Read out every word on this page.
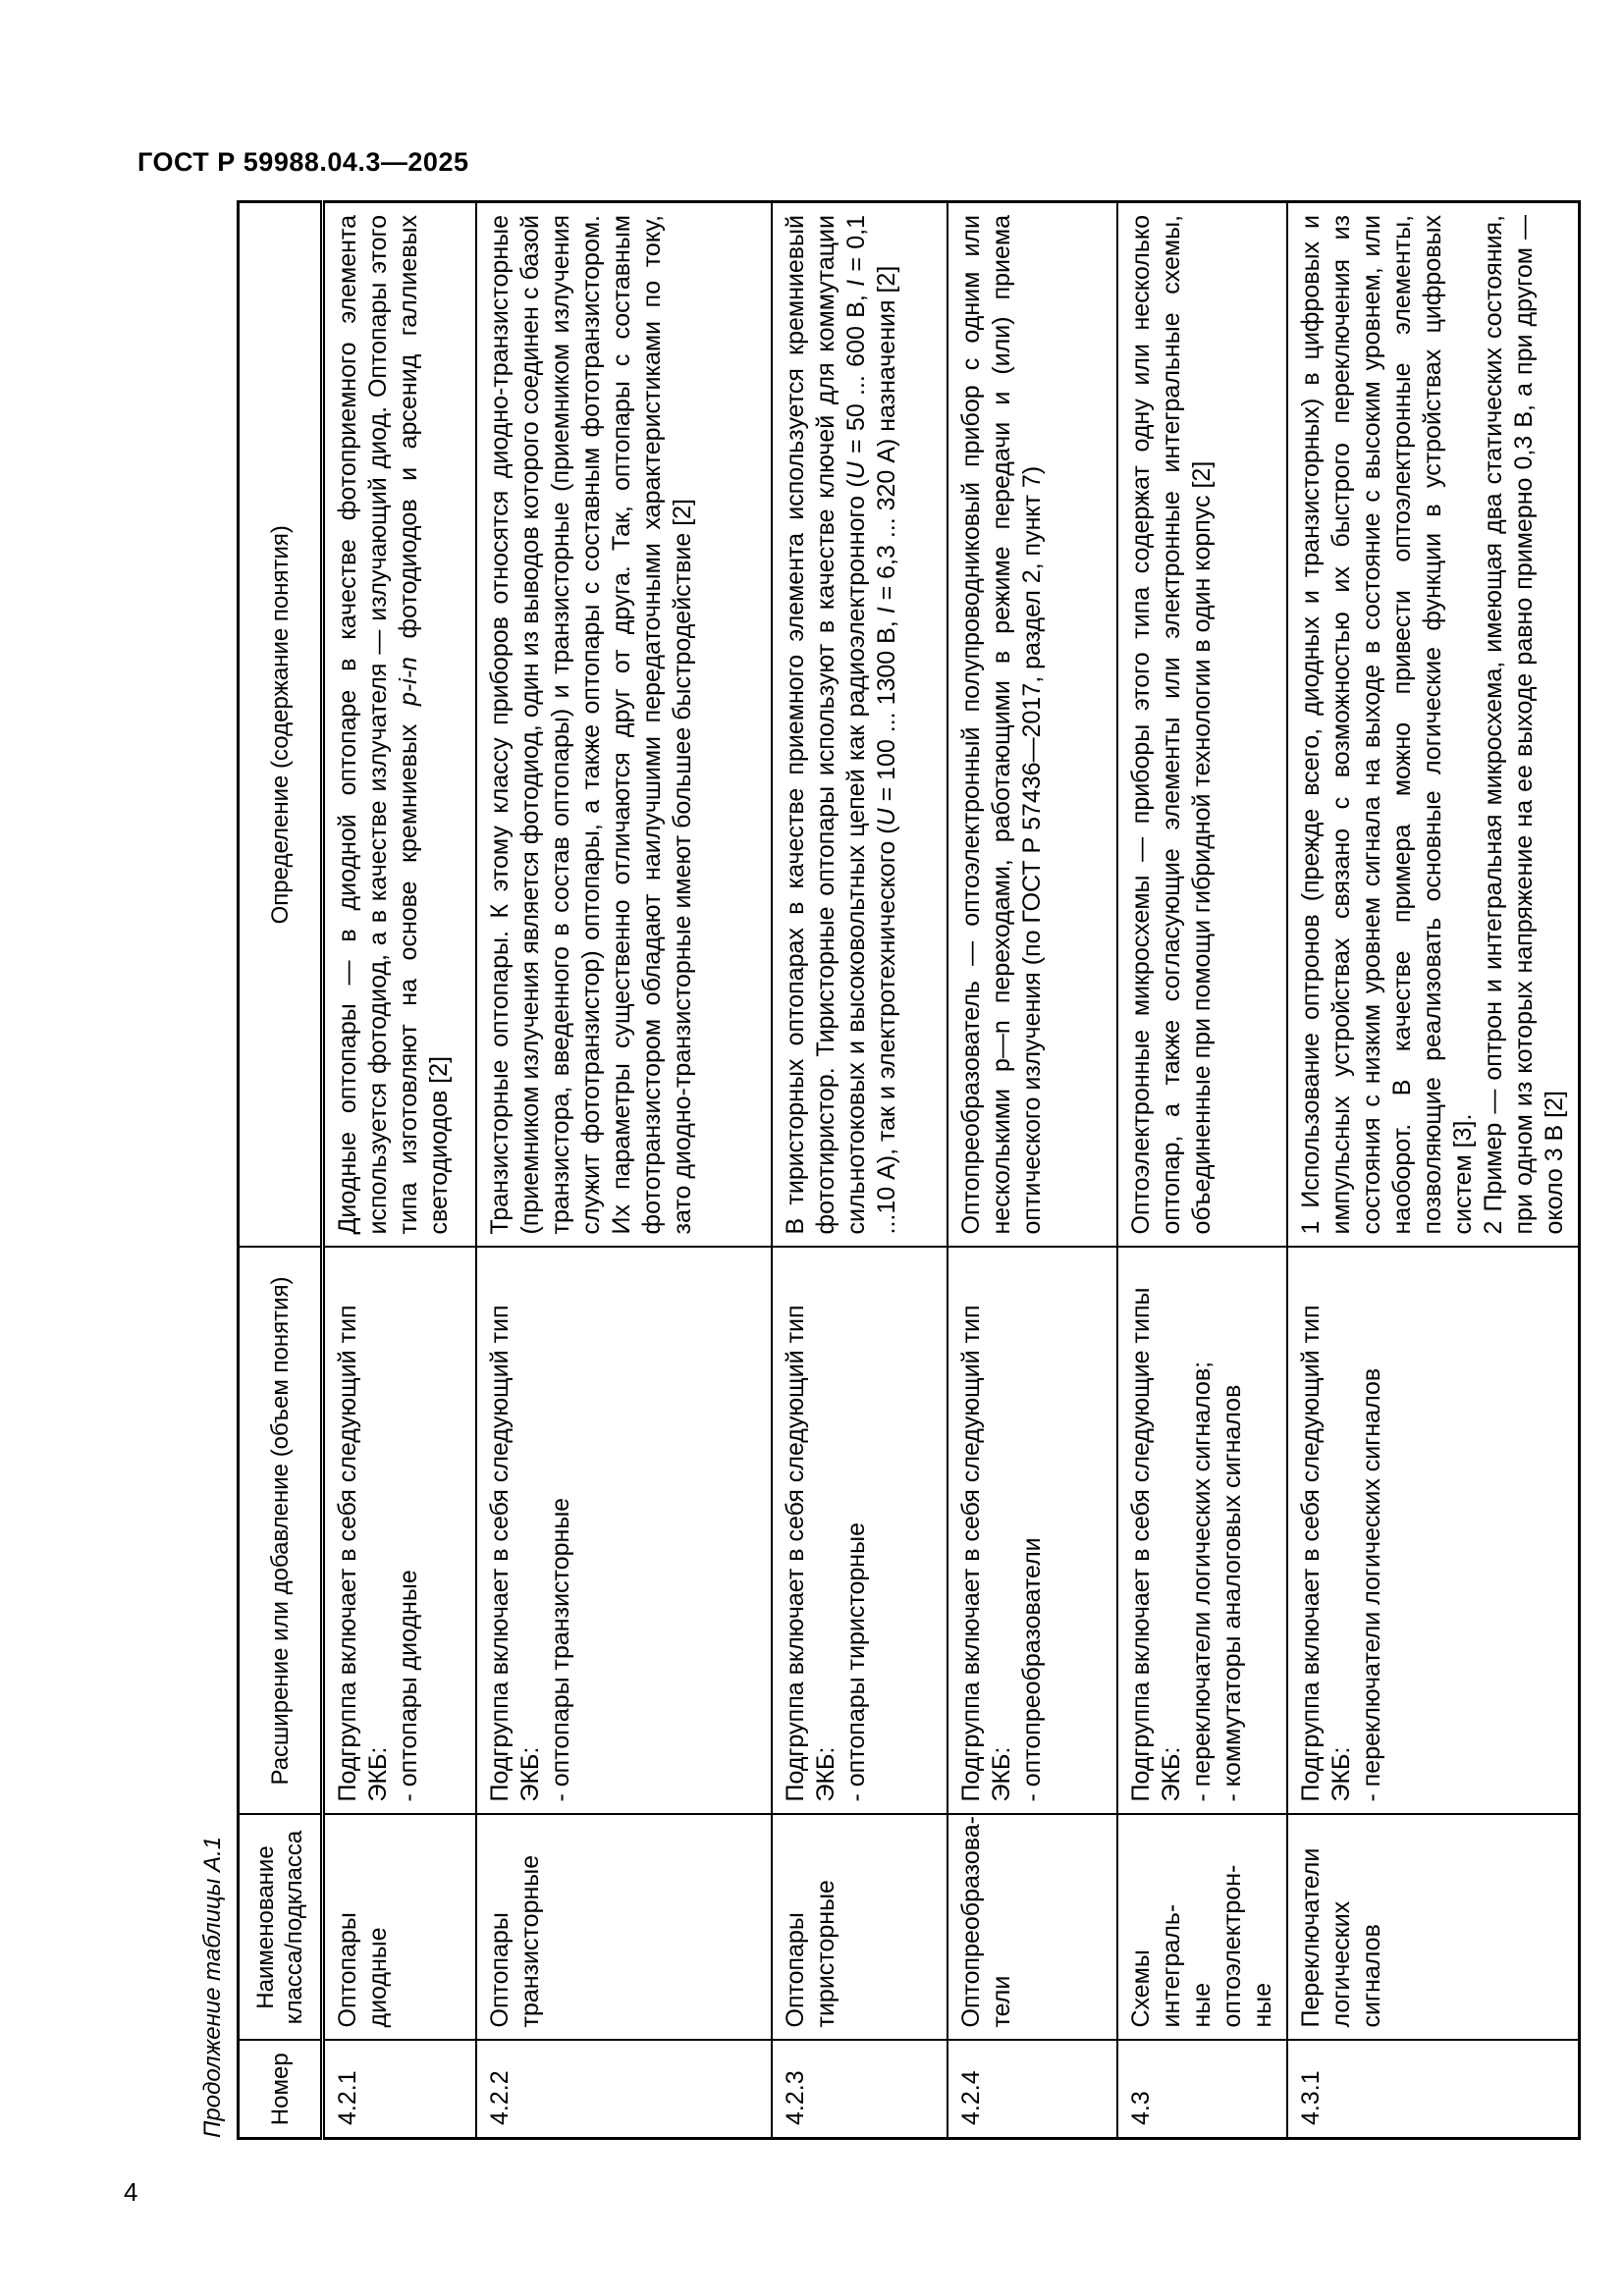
ГОСТ Р 59988.04.3—2025
Продолжение таблицы А.1	Номер	Наименование класса/подкласса	Расширение или добавление (объем понятия)	Определение (содержание понятия)
4.2.1	Оптопары диодные	Подгруппа включает в себя следующий тип ЭКБ: - оптопары диодные	Диодные оптопары — в диодной оптопаре в качестве фотоприемного элемента используется фотодиод, а в качестве излучателя — излучающий диод. Оптопары этого типа изготовляют на основе кремниевых p-i-n фотодиодов и арсенид галлиевых светодиодов [2]
4.2.2	Оптопары транзисторные	Подгруппа включает в себя следующий тип ЭКБ: - оптопары транзисторные	Транзисторные оптопары. К этому классу приборов относятся диодно-транзисторные (приемником излучения является фотодиод, один из выводов которого соединен с базой транзистора, введенного в состав оптопары) и транзисторные (приемником излучения служит фототранзистор) оптопары, а также оптопары с составным фототранзистором. Их параметры существенно отличаются друг от друга. Так, оптопары с составным фототранзистором обладают наилучшими передаточными характеристиками по току, зато диодно-транзисторные имеют большее быстродействие [2]
4.2.3	Оптопары тиристорные	Подгруппа включает в себя следующий тип ЭКБ: - оптопары тиристорные	В тиристорных оптопарах в качестве приемного элемента используется кремниевый фототиристор. Тиристорные оптопары используют в качестве ключей для коммутации сильнотоковых и высоковольтных цепей как радиоэлектронного (U = 50 ... 600 В, I = 0,1 ...10 А), так и электротехнического (U = 100 ... 1300 В, I = 6,3 ... 320 А) назначения [2]
4.2.4	Оптопреобразова- тели	Подгруппа включает в себя следующий тип ЭКБ: - оптопреобразователи	Оптопреобразователь — оптоэлектронный полупроводниковый прибор с одним или несколькими p—n переходами, работающими в режиме передачи и (или) приема оптического излучения (по ГОСТ Р 57436—2017, раздел 2, пункт 7)
4.3	Схемы интеграль- ные оптоэлектрон- ные	Подгруппа включает в себя следующие типы ЭКБ: - переключатели логических сигналов; - коммутаторы аналоговых сигналов	Оптоэлектронные микросхемы — приборы этого типа содержат одну или несколько оптопар, а также согласующие элементы или электронные интегральные схемы, объединенные при помощи гибридной технологии в один корпус [2]
4.3.1	Переключатели логических сигналов	Подгруппа включает в себя следующий тип ЭКБ: - переключатели логических сигналов	1 Использование оптронов (прежде всего, диодных и транзисторных) в цифровых и импульсных устройствах связано с возможностью их быстрого переключения из состояния с низким уровнем сигнала на выходе в состояние с высоким уровнем, или наоборот. В качестве примера можно привести оптоэлектронные элементы, позволяющие реализовать основные логические функции в устройствах цифровых систем [3]. 2 Пример — оптрон и интегральная микросхема, имеющая два статических состояния, при одном из которых напряжение на ее выходе равно примерно 0,3 В, а при другом — около 3 В [2]
4
